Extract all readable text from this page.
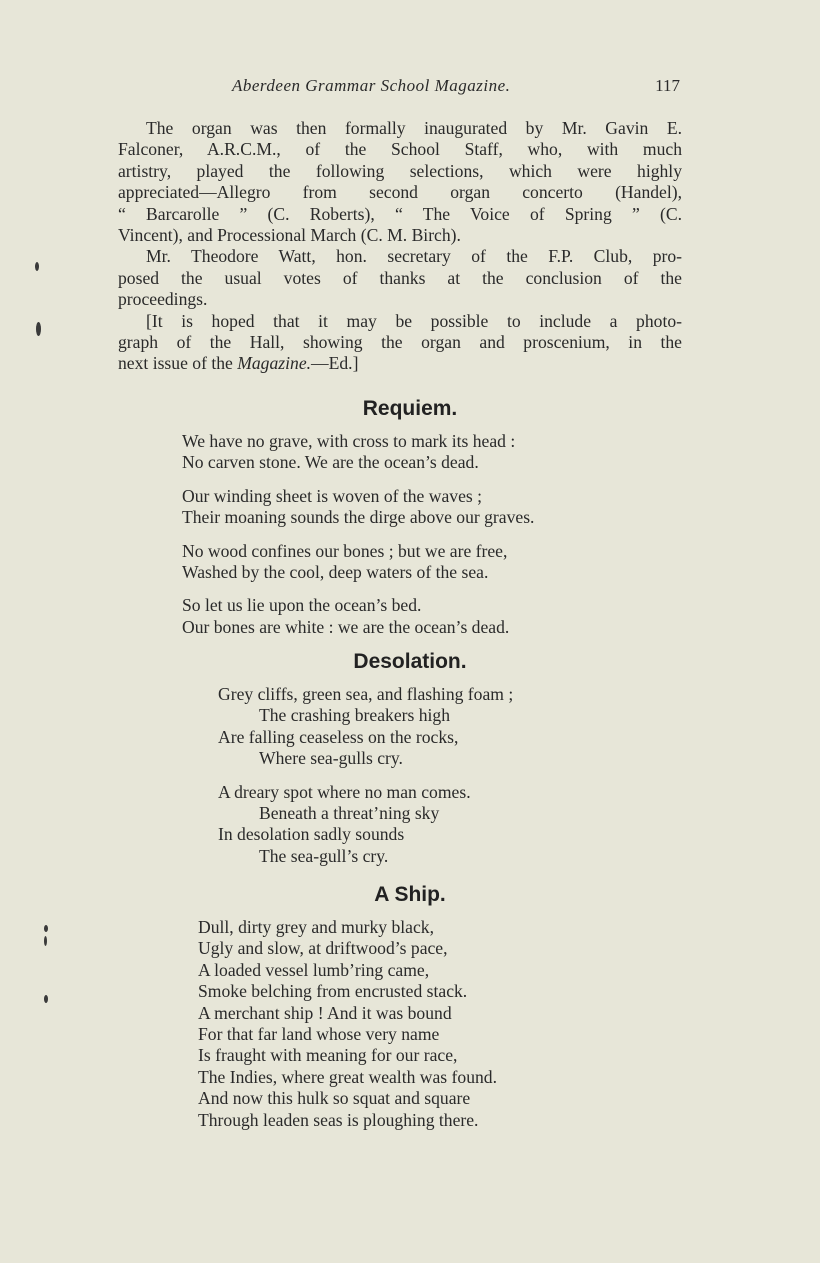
Aberdeen Grammar School Magazine.	117

The organ was then formally inaugurated by Mr. Gavin E.
Falconer, A.R.C.M., of the School Staff, who, with much
artistry, played the following selections, which were highly
appreciated—Allegro from second organ concerto (Handel),
“ Barcarolle ” (C. Roberts), “ The Voice of Spring ” (C.
Vincent), and Processional March (C. M. Birch).

Mr. Theodore Watt, hon. secretary of the F.P. Club, pro-
posed the usual votes of thanks at the conclusion of the
proceedings.

[It is hoped that it may be possible to include a photo-
graph of the Hall, showing the organ and proscenium, in the
next issue of the Magazine.—Ed.]

Requiem.
We have no grave, with cross to mark its head :
No carven stone. We are the ocean’s dead.
Our winding sheet is woven of the waves ;
Their moaning sounds the dirge above our graves.
No wood confines our bones ; but we are free,
Washed by the cool, deep waters of the sea.
So let us lie upon the ocean’s bed.
Our bones are white : we are the ocean’s dead.
Desolation.
Grey cliffs, green sea, and flashing foam ;
The crashing breakers high
Are falling ceaseless on the rocks,
Where sea-gulls cry.
A dreary spot where no man comes.
Beneath a threat’ning sky
In desolation sadly sounds
The sea-gull’s cry.
A Ship.
Dull, dirty grey and murky black,
Ugly and slow, at driftwood’s pace,
A loaded vessel lumb’ring came,
Smoke belching from encrusted stack.
A merchant ship ! And it was bound
For that far land whose very name
Is fraught with meaning for our race,
The Indies, where great wealth was found.
And now this hulk so squat and square
Through leaden seas is ploughing there.
